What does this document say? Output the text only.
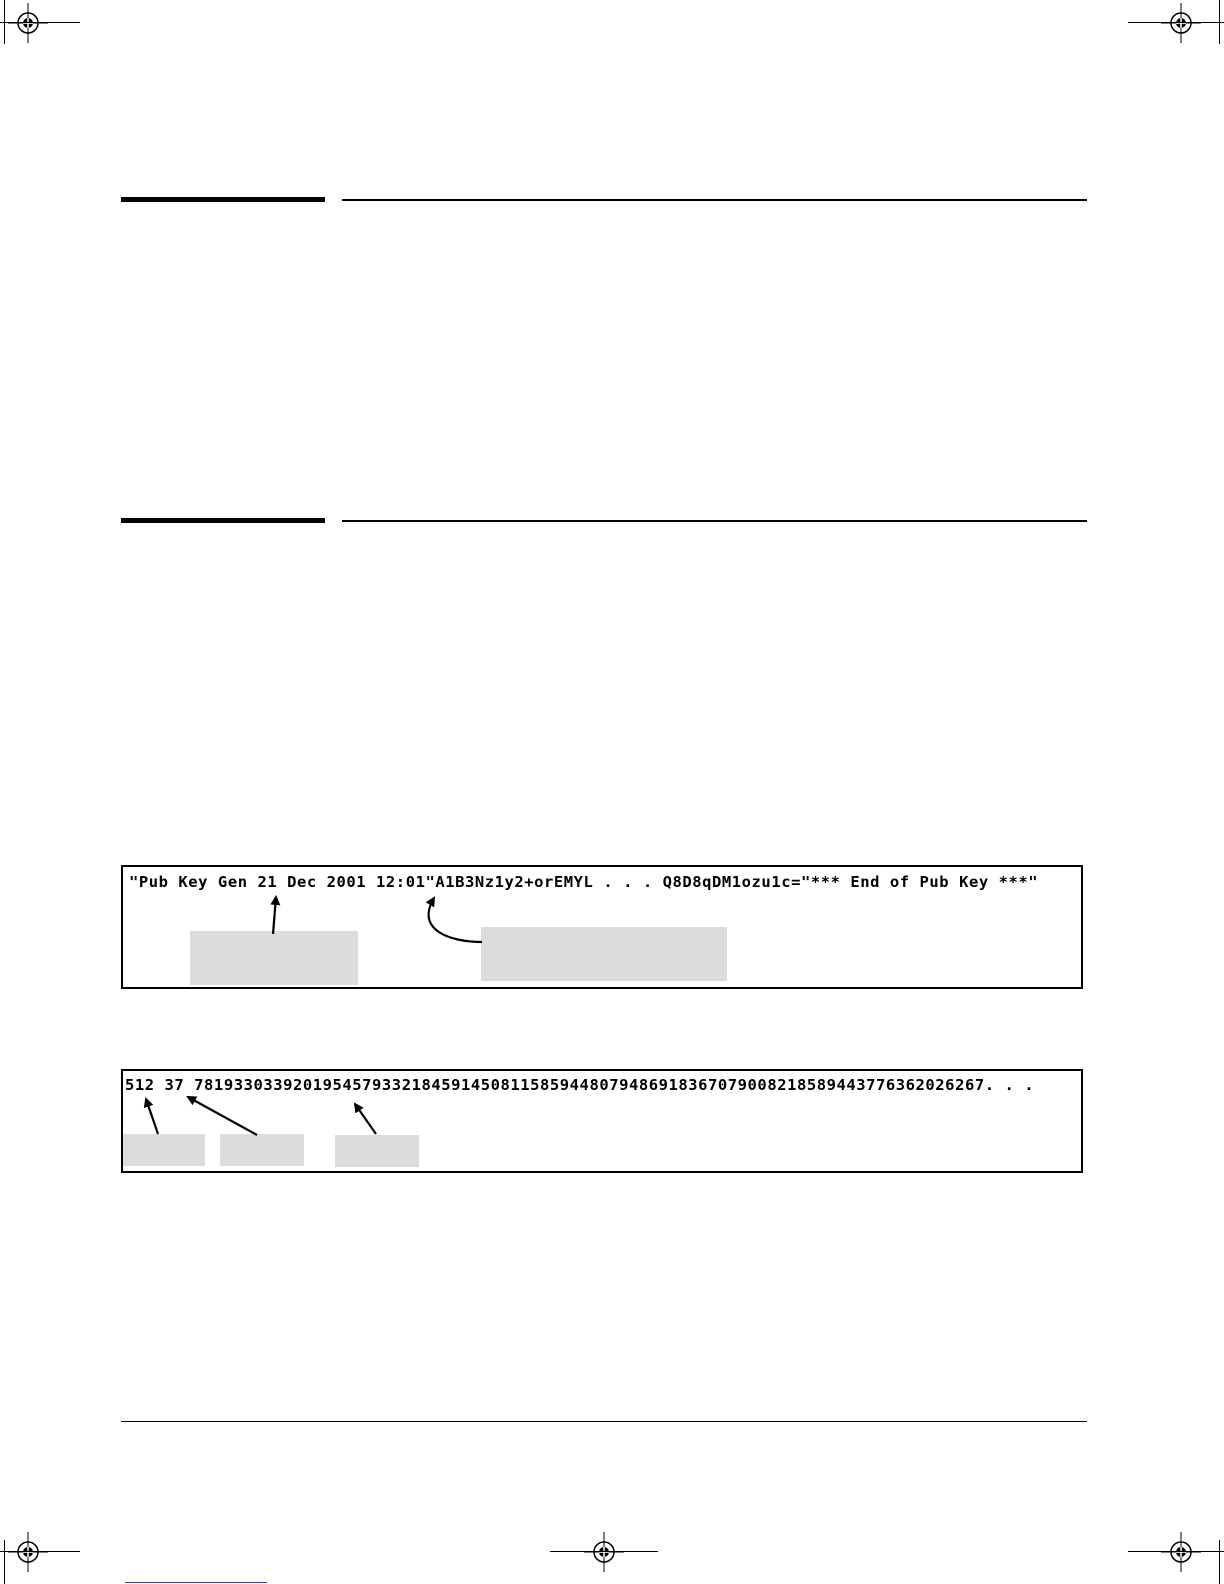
"Pub Key Gen 21 Dec 2001 12:01"A1B3Nz1y2+orEMYL . . . Q8D8qDM1ozu1c="*** End of Pub Key ***"
512 37 78193303392019545793321845914508115859448079486918367079008218589443776362026267. . .
